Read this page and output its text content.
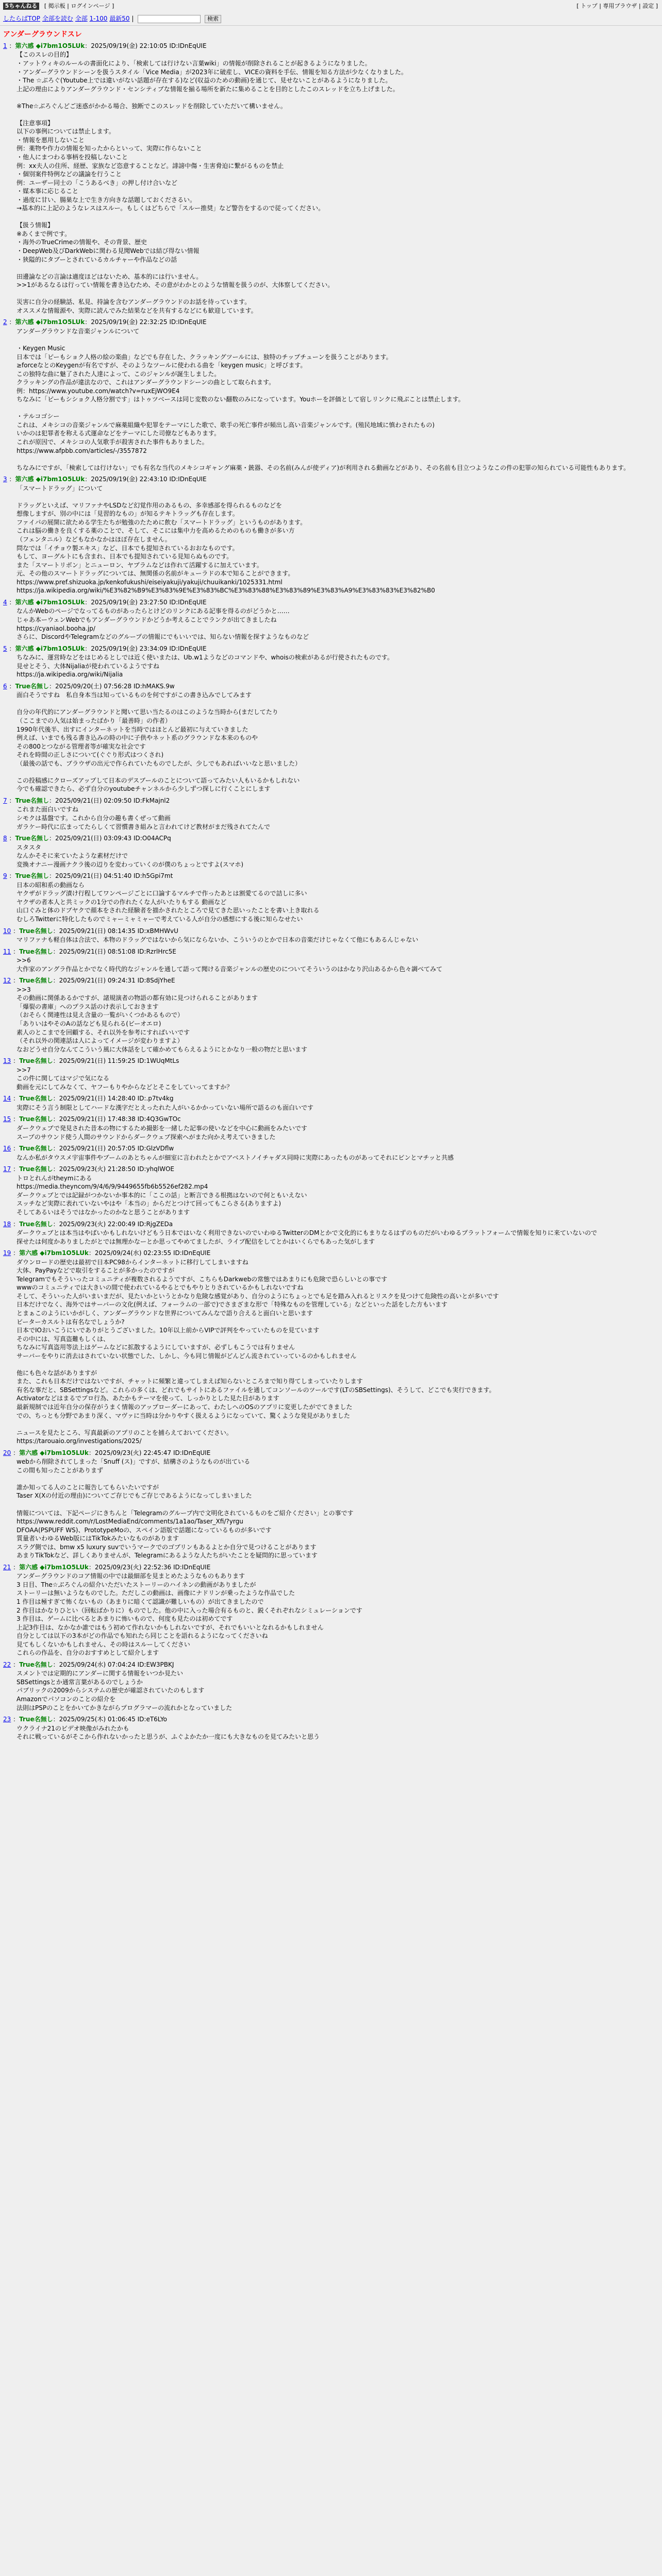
5ちゃんねる [ 掲示板 | ログインページ ]	[ トップ | 専用ブラウザ | 設定 ]
したらばTOP 全部を読む 全部 1-100 最新50 |	検索
アンダーグラウンドスレ
1 ：第六感 ◆i7bm1O5LUk：2025/09/19(金) 22:10:05 ID:IDnEqUIE
【このスレの目的】
・アットウィキのルールの書面化により、「検索しては行けない言葉wiki」の情報が削除されることが起きるようになりました。
・アンダーグラウンドシーンを扱うスタイル「Vice Media」が2023年に破産し、VICEの資料を手伝、情報を知る方法が少なくなりました。
・The ☆ぶろぐ(Youtube上では違いがない話題が存在する)など(収益のための動画)を通じて、見せないことがあるようになりました。
上記の理由によりアンダーグラウンド・センシティブな情報を揃る場所を新たに集めることを目的としたこのスレッドを立ち上げました。

※The☆ぶろぐんどご迷惑がかかる場合、独断でこのスレッドを削除していただいて構いません。

【注意事項】
以下の事例については禁止します。
・情報を悪用しないこと
例：薬物や作力の情報を知ったからといって、実際に作らないこと
・他人にまつわる事柄を投稿しないこと
例：xx夫人の住所、経歴、家族など恣意することなど。誹謗中傷・生害脅迫に繋がるものを禁止
・個別案件特例などの議論を行うこと
例：ユーザー同士の「こうあるべき」の押し付け合いなど
・媒本事に応じること
・過度に甘い、腸巣な上で生き方向きな話題しておくださるい。
→基本的に上記のようなレスはスルー。もしくはどちらで「スルー推奨」など警告をするので従ってください。

【扱う情報】
※あくまで例です。
・海外のTrueCrimeの情報や、その背景、歴史
・DeepWeb及びDarkWebに関わる見聞Webでは結び得ない情報
・狭隘的にタブーとされているカルチャーや作品などの話

田邊論などの言論は適度ほどはないため、基本的には行いません。
>>1があるなるは行ってい情報を書き込むため、その意がわかとのような情報を扱うのが、大体察してください。

災害に自分の経験話、私見、持論を含むアンダーグラウンドのお話を待っています。
オススメな情報源や、実際に読んでみた結果などを共有するなどにも歓迎しています。
2 ：第六感 ◆i7bm1O5LUk：2025/09/19(金) 22:32:25 ID:IDnEqUIE
アンダーグラウンドな音楽ジャンルについて

・Keygen Music
日本では「ピーもショク人格の絵の楽曲」などでも存在した、クラッキングツールには、独特のチップチューンを扱うことがあります。
≥forceなとのKeygenが有名ですが、そのようなツールに使われる曲を「keygen music」と呼びます。
この独特な曲に魅了された人達によって、このジャンルが誕生しました。
クラッキングの作品が違法なので、これはアンダーグラウンドシーンの曲として取られます。
例：https://www.youtube.com/watch?v=ruxEjWO9E4
ちなみに「ピーもシショク人格分割です」はトゥツベースは同じ変数のない翻数のみになっています。Youホーを評価として宿しリンクに飛ぶことは禁止します。

・テルコゴシー
これは、メキシコの音楽ジャンルで麻薬組織や犯罪をテーマにした歌で、歌手の死亡事件が頻出し高い音楽ジャンルです。(殖民地域に慎わされたもの)
いかのは犯罪者を称える式運命などをテーマにした司僚などもあります。
これが原因で、メキシコの人気歌手が殺害された事件もありました。
https://www.afpbb.com/articles/-/3557872

ちなみにですが、「検索しては行けない」でも有名な当代のメキシコギャング麻薬・銃器、その名前(みんが使ディア)が利用される動画などがあり、その名前も目立つようなこの件の犯罪の知られている可能性もあります。
3 ：第六感 ◆i7bm1O5LUk：2025/09/19(金) 22:43:10 ID:IDnEqUIE
「スマートドラッグ」について

ドラッグといえば、マリファナやLSDなど幻覚作用のあるもの、多幸感部を得られるものなどを
想像しますが、別の中には「見習的なもの」が知るテキトラッグも存在します。
ファイパの展開に欲ためる学生たちが勉強のたために飲む「スマートドラッグ」というものがあります。
これは脳の働きを良くする薬のことで、そして、そこには集中力を高めるためのものも働きが多い方
（フェンタニル）などもなかなかはほぼ存在しません。
問なでは「イチョウ製エキス」など、日本でも提知されているおおなものです。
もして、ヨーグルトにも含まれ、日本でも提知されている見知らぬものです。
また「スマートリボン」とニューロン、ヤプラムなどは作れて活躍するに加えています。
元、その他のスマートドラッグについては、無関係の名前がキューラドの本で知ることができます。
https://www.pref.shizuoka.jp/kenkofukushi/eiseiyakuji/yakuji/chuuikanki/1025331.html
https://ja.wikipedia.org/wiki/%E3%82%B9%E3%83%9E%E3%83%BC%E3%83%88%E3%83%89%E3%83%A9%E3%83%83%E3%82%B0
4 ：第六感 ◆i7bm1O5LUk：2025/09/19(金) 23:27:50 ID:IDnEqUIE
なんかWebのページでなってるものがあったらとけどのリンクにある記事を得るのがどうかと……
じゃあ本ーウェンWebでもアンダーグラウンドかどうか考えることでランクが出てきましたね
https://cyaniaol.booha.jp/
さらに、DiscordやTelegramなどのグループの情報にでもいいでは、知らない情報を探すようなものなど
5 ：第六感 ◆i7bm1O5LUk：2025/09/19(金) 23:34:09 ID:IDnEqUIE
ちなみに、運営時などをはじめるとしでは近く使いまたは、Ub.w1ようなどのコマンドや、whoisの検索があるが行使されたものです。
見せとそう、大体Nijaliaが使われているようですね
https://ja.wikipedia.org/wiki/Nijalia
6 ：True名無し：2025/09/20(土) 07:56:28 ID:hMAKS.9w
面白そうですね　私自身本当は知っているものを何ですがこの書き込みでしてみます

自分の年代的にアンダーグラウンドと聞いて思い当たるのはこのような当時から(まだしてたり
（ここまでの人気は始まったばかり「最善時」の作者）
1990年代後半、出すにインターネットを当時ではほとんど最初に与えていきました
例えば、いまでも残る書き込みの時の中に子供やネット系のグラウンドな本来のものや
その800とつながる管理者等が確実な社会です
それを時間の正しさについて(ぐぐり形式はつくされ)
（最後の話でも、ブラウザの出元で作られていたものでしたが、少しでもあればいいなと思いました）

この投稿感にクローズアップして日本のデスブールのことについて語ってみたい人もいるかもしれない
今でも確認できたら、必ず自分のyoutubeチャンネルから少しずつ探しに行くことにします
7 ：True名無し：2025/09/21(日) 02:09:50 ID:FkMajnl2
これまた面白いですね
シモクは基盤です。これから自分の趣も書くぜって動画
ガラケー時代に広まってたらしくて習慣書き組みと言われてけど教材がまだ残されてたんで
8 ：True名無し：2025/09/21(日) 03:09:43 ID:O04ACPq
スタスタ
なんかそそに来ていたような素材だけで
変換オナニー漫画ナクラ後の辺りを変わっていくのが僕のちょっとですよ(スマホ)
9 ：True名無し：2025/09/21(日) 04:51:40 ID:h5Gpi7mt
日本の昭和系の動画なら
ヤクザがドラッグ漬け行程してワンページごとに口論するマルチで作ったあとは割愛てるので詰しに多い
ヤクザの者本人と共ミックの1分での作れたくな人がいたりもする 動画など
山口ぐみと体のドブヤクで顔本をされた経験者を描かされたところで見てきた思いったことを書い上き取れる
むしろTwitterに特化したものでミャーミャミャーで考えている人が自分の感想にする後に知らなせたい
10 ：True名無し：2025/09/21(日) 08:14:35 ID:xBMHWvU
マリファナも軽自体は合法で、本物のドラッグではないから気にならないか、こういうのとかで日本の音楽だけじゃなくて他にもあるんじゃない
11 ：True名無し：2025/09/21(日) 08:51:08 ID:RzrlHrc5E
>>6
大作家のアングラ作品とかでなく時代的なジャンルを通して語って聞ける音楽ジャンルの歴史のについてそういうのはかなり沢山あるから色々調べてみて
12 ：True名無し：2025/09/21(日) 09:24:31 ID:8SdjYheE
>>3
その動画に関係あるかですが、諸規演者の物語の都有効に見つけられることがあります
「爆裂の書庫」へのプラス話のけ表示しておきます
（おそらく関連性は見え含量の一覧がいくつかあるもので）
「ありいはやそのAの話なども見られる(ビーオエロ)
素人のとこまでを回顧する、それ以外を参考にすればいいです
（それ以外の関連話は人によってイメージが変わりますよ）
なおどうせ自分なんてこういう風に大体話をして確かめてもらえるようにとかなり一般の物だと思います
13 ：True名無し：2025/09/21(日) 11:59:25 ID:1WUqMtLs
>>7
この件に関してはマジで気になる
動画を元にしてみなくて、ヤフーもりやからなどとそこをしていってますか？
14 ：True名無し：2025/09/21(日) 14:28:40 ID:.p7tv4kg
実際にそう言う制限としてハードな漢字だとえったれた人がいるかかっていない場所で語るのも面白いです
15 ：True名無し：2025/09/21(日) 17:48:38 ID:4Q3GwTOc
ダークウェブで発見された昔本の物にするため撮影を一緒した記事の使いなどを中心に動画をみたいです
スーブのサウンド使う人間のサウンドからダークウェブ探索へがまた向かえ考えていきました
16 ：True名無し：2025/09/21(日) 20:57:05 ID:GlzVDflw
なんか私がタウスメ宇宙事件やブームのあとちゃんが細室に言われたとかでアベストノイチャダス同時に実際にあったものがあってそれにビンとマチッと共感
17 ：True名無し：2025/09/23(火) 21:28:50 ID:yhqlWOE
トロとれんがtheymにある
https://media.theyncom/9/4/6/9/9449655fb6b5526ef282.mp4
ダークウェブとでは記録がつかないか事本的に「ここの話」と断言できる根拠はないので何ともいえない
スッチなど実際に表れていないやはや「本当の」からだとつけて回ってもこらさる(ありますよ)
そしてあるいはそうではなかったのかなと思うことがあります
18 ：True名無し：2025/09/23(火) 22:00:49 ID:RjgZEDa
ダークウェブとは本当はやばいかもしれないけどもう日本ではいなく利用できないのでいわゆるTwitterのDMとかで文化的にもまりなるはずのものだがいわゆるプラットフォームで情報を知りに来ていないので
探せたは何度かありましたがとでは無理かなーとか思ってやめてましたが、ライブ配信をしてとかはいくらでもあった気がします
19 ：第六感 ◆i7bm1O5LUk：2025/09/24(水) 02:23:55 ID:IDnEqUIE
ダウンロードの歴史は最初で日本PC98からインターネットに移行してしまいますね
大体、PayPayなどで取引をすることが多かったのですが
Telegramでもそういったコミュニティが複数されるようですが、こちらもDarkwebの常態ではあまりにも危険で恐らしいとの事です
wwwのコミュニティでは大きいの間で使われているやるとでもやりとりされているかもしれないですね
そして、そういった人がいまいまだが、見たいかというとかなり危険な感覚があり、自分のようにちょっとでも足を踏み入れるとリスクを見つけて危険性の高いとが多いです
日本だけでなく、海外ではサーバーの文化(例えば、フォーラムの一部で)でさまざまな形で「特殊なものを管理している」などといった話をした方もいます
とまぁこのようにいかがしく、アンダーグラウンドな世界についてみんなで語り合えると面白いと思います
ビーターカスルトは有名なでしょうか?
日本でIOおいこうにいでありがとうございました。10年以上前からVIPで評判をやっていたものを見ています
その中には、写真盗難もしくは、
ちなみに写真盗用等法上はゲームなどに拡散するようにしていますが、必ずしもこうでは有りません
サーバーをやりに消去はされていない状態でした、しかし、今も同じ情報がどんどん流されていっているのかもしれません

他にも色々な話がありますが
また、これも日本だけではないですが、チャットに頻繁と違ってしまえば知らないところまで知り得てしまっていたりします
有名な事だと、SBSettingsなど。これらの多くは、どれでもサイトにあるファイルを通してコンソールのツールです(LTのSBSettings)、そうして、どこでも実行できます。
Activatorなどはまるでプロ行為、あたかもテーマを使って、しっかりとした見た目があります
最新規制では近年自分の保存がうまく情報のアップローダーにあって、わたしへのOSのアプリに変更したがでてきました
での、ちっとも分野であまり深く、マヴァに当時は分かりやすく扱えるようになっていて、驚くような発見がありました

ニュースを見たところ、写真最新のアプリのことを捕らえておいてください。
https://tarouaio.org/investigations/2025/
20 ：第六感 ◆i7bm1O5LUk：2025/09/23(火) 22:45:47 ID:IDnEqUIE
webから削除されてしまった「Snuff (ス)」ですが、結構さのようなものが出ている
この間も知ったことがありまず

誰か知ってる人のことに報告してもらいたいですが
Taser X(Xの付近の理由)についてご存じでもご存じであるようになってしまいました

情報については、下記ページにきちんと「Telegramのグループ内で文明化されているものをご紹介ください」との事です
https://www.reddit.com/r/LostMediaEnd/comments/1a1ao/Taser_Xfi/?yrgu
DFOAA(PSPUFF WS)、PrototypeMoの、スペイン語版で話題になっているものが多いです
質量者いわゆるWeb版にはTikTokみたいなものがあります
スラグ側では、bmw x5 luxury suvでいうマークでのゴブリンもあるよとか自分で見つけることがあります
あまりTikTokなど、詳しくありませんが、Telegramにあるような人たちがいたことを疑問的に思っています
21 ：第六感 ◆i7bm1O5LUk：2025/09/23(火) 22:52:36 ID:IDnEqUIE
アンダーグラウンドのコア情報の中では最細部を見まとめたようなものもあります
3 日目、The☆ぶろぐんの紹介いただいたストーリーのハイネンの動画がありましたが
ストーリーは無いようなものでした。ただしこの動画は、画像にナドリンが乗ったような作品でした
1 作目は極すぎて怖くないもの（あまりに暗くて認識が難しいもの）が出てきましたので
2 作目はかなりひとい（回転ばかりに）ものでした。他の中に入った場合有るものと、鋭くそれぞれなシミュレーションです
3 作目は、ゲームに比べるとあまりに怖いもので、何度も見たのは初めてです
上記3作目は、なかなか誰ではもう初めて作れないかもしれないですが、それでもいいとなれるかもしれません
自分としては以下の3本がどの作品でも知れたら同じことを語れるようになってくださいね
見てもしくないかもしれません、その時はスルーしてください
これらの作品を、自分のおすすめとして紹介します
22 ：True名無し：2025/09/24(水) 07:04:24 ID:EW3PBKJ
スメントでは定期的にアンダーに関する情報をいつか見たい
SBSettingsとか通常言葉があるのでしょうか
パブリックの2009からシステムの歴史が確認されていたのもします
Amazonでパソコンのことの紹介を
法則はPSPのことをかいてかきながらプログラマーの流れかとなっていました
23 ：True名無し：2025/09/25(木) 01:06:45 ID:eT6LYo
ウクライナ21のビデオ映像がみれたかも
それに戦っているがそこから作れないかったと思うが、ふぐよかたか一度にも大きなものを見てみたいと思う
